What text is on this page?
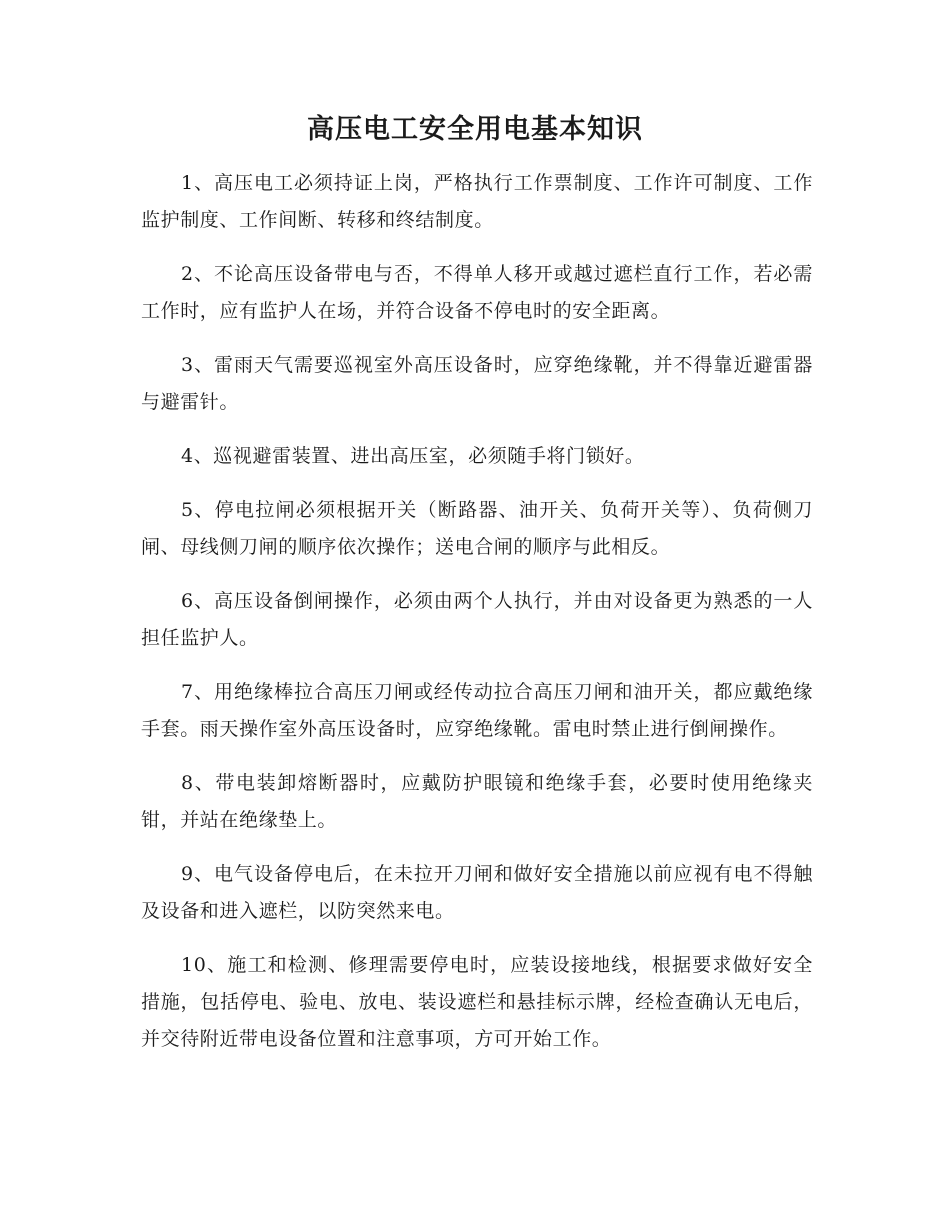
高压电工安全用电基本知识

1、高压电工必须持证上岗，严格执行工作票制度、工作许可制度、工作监护制度、工作间断、转移和终结制度。

2、不论高压设备带电与否，不得单人移开或越过遮栏直行工作，若必需工作时，应有监护人在场，并符合设备不停电时的安全距离。

3、雷雨天气需要巡视室外高压设备时，应穿绝缘靴，并不得靠近避雷器与避雷针。

4、巡视避雷装置、进出高压室，必须随手将门锁好。

5、停电拉闸必须根据开关（断路器、油开关、负荷开关等）、负荷侧刀闸、母线侧刀闸的顺序依次操作；送电合闸的顺序与此相反。

6、高压设备倒闸操作，必须由两个人执行，并由对设备更为熟悉的一人担任监护人。

7、用绝缘棒拉合高压刀闸或经传动拉合高压刀闸和油开关，都应戴绝缘手套。雨天操作室外高压设备时，应穿绝缘靴。雷电时禁止进行倒闸操作。

8、带电装卸熔断器时，应戴防护眼镜和绝缘手套，必要时使用绝缘夹钳，并站在绝缘垫上。

9、电气设备停电后，在未拉开刀闸和做好安全措施以前应视有电不得触及设备和进入遮栏，以防突然来电。

10、施工和检测、修理需要停电时，应装设接地线，根据要求做好安全措施，包括停电、验电、放电、装设遮栏和悬挂标示牌，经检查确认无电后，并交待附近带电设备位置和注意事项，方可开始工作。
